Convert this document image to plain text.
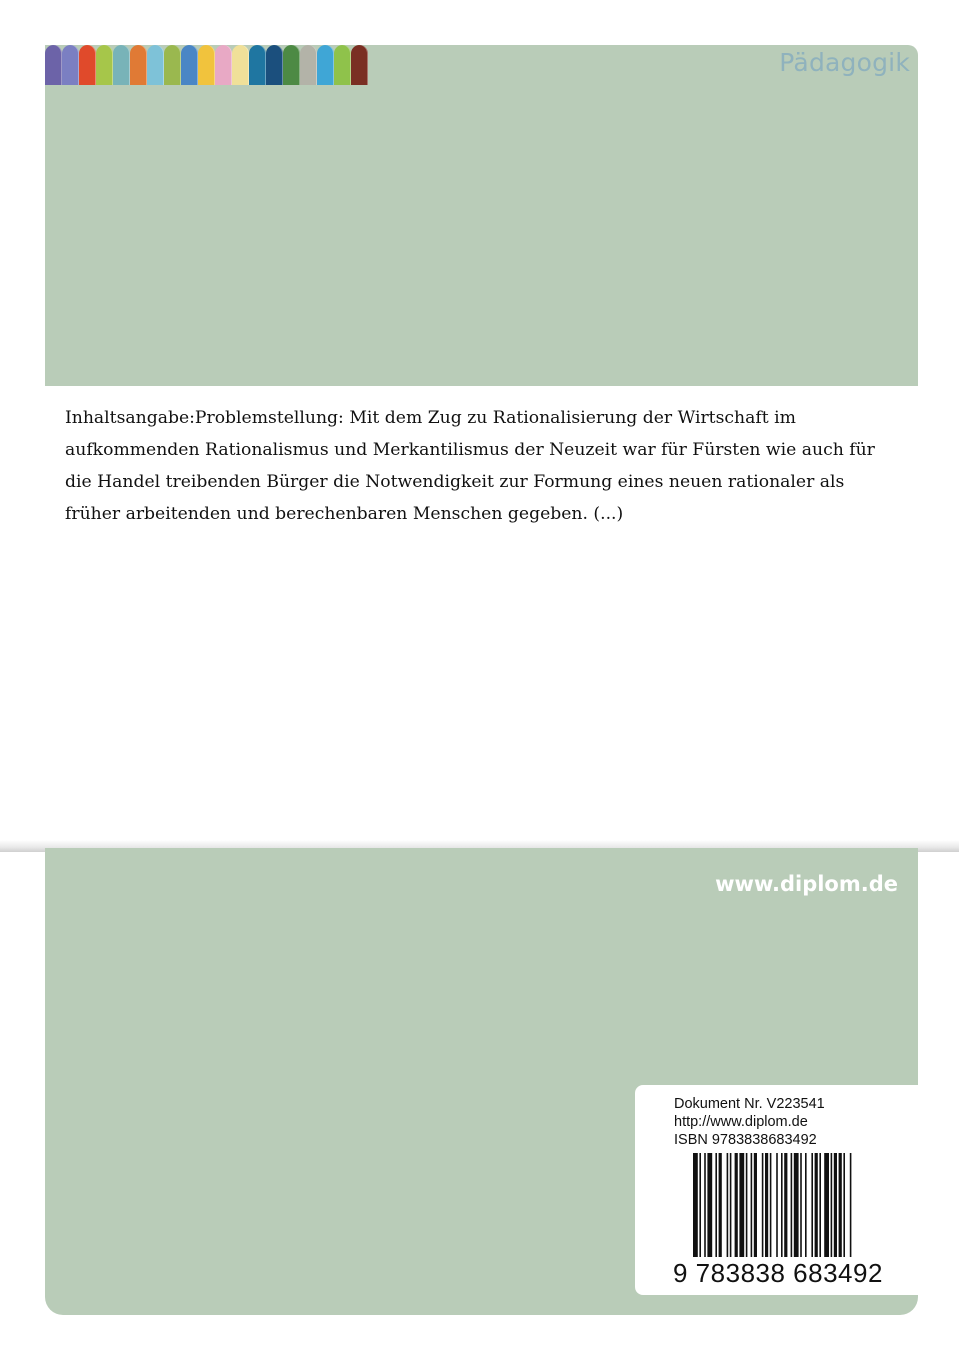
Pädagogik

Inhaltsangabe:Problemstellung: Mit dem Zug zu Rationalisierung der Wirtschaft im aufkommenden Rationalismus und Merkantilismus der Neuzeit war für Fürsten wie auch für die Handel treibenden Bürger die Notwendigkeit zur Formung eines neuen rationaler als früher arbeitenden und berechenbaren Menschen gegeben. (...)

www.diplom.de
Dokument Nr. V223541
http://www.diplom.de
ISBN 9783838683492
9 783838 683492
